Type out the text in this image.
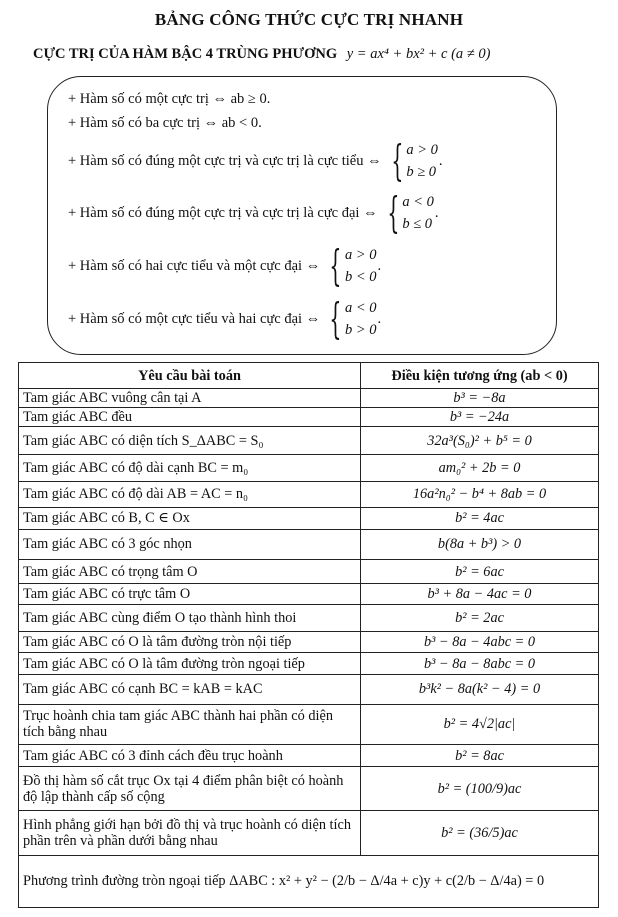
BẢNG CÔNG THỨC CỰC TRỊ NHANH
CỰC TRỊ CỦA HÀM BẬC 4 TRÙNG PHƯƠNG y = ax⁴ + bx² + c (a ≠ 0)
+ Hàm số có một cực trị ⇔ ab ≥ 0.
+ Hàm số có ba cực trị ⇔ ab < 0.
+ Hàm số có đúng một cực trị và cực trị là cực tiểu ⇔ { a > 0
b ≥ 0
.
+ Hàm số có đúng một cực trị và cực trị là cực đại ⇔ { a < 0
b ≤ 0
.
+ Hàm số có hai cực tiểu và một cực đại ⇔ { a > 0
b < 0
.
+ Hàm số có một cực tiểu và hai cực đại ⇔ { a < 0
b > 0
.
Yêu cầu bài toán	Điều kiện tương ứng (ab < 0)
Tam giác ABC vuông cân tại A	b³ = −8a
Tam giác ABC đều	b³ = −24a
Tam giác ABC có diện tích S_ΔABC = S₀	32a³(S₀)² + b⁵ = 0
Tam giác ABC có độ dài cạnh BC = m₀	am₀² + 2b = 0
Tam giác ABC có độ dài AB = AC = n₀	16a²n₀² − b⁴ + 8ab = 0
Tam giác ABC có B, C ∈ Ox	b² = 4ac
Tam giác ABC có 3 góc nhọn	b(8a + b³) > 0
Tam giác ABC có trọng tâm O	b² = 6ac
Tam giác ABC có trực tâm O	b³ + 8a − 4ac = 0
Tam giác ABC cùng điểm O tạo thành hình thoi	b² = 2ac
Tam giác ABC có O là tâm đường tròn nội tiếp	b³ − 8a − 4abc = 0
Tam giác ABC có O là tâm đường tròn ngoại tiếp	b³ − 8a − 8abc = 0
Tam giác ABC có cạnh BC = kAB = kAC	b³k² − 8a(k² − 4) = 0
Trục hoành chia tam giác ABC thành hai phần có diện tích bằng nhau	b² = 4√2|ac|
Tam giác ABC có 3 đỉnh cách đều trục hoành	b² = 8ac
Đồ thị hàm số cắt trục Ox tại 4 điểm phân biệt có hoành độ lập thành cấp số cộng	b² = (100/9)ac
Hình phẳng giới hạn bởi đồ thị và trục hoành có diện tích phần trên và phần dưới bằng nhau	b² = (36/5)ac
Phương trình đường tròn ngoại tiếp ΔABC : x² + y² − (2/b − Δ/4a + c)y + c(2/b − Δ/4a) = 0	
